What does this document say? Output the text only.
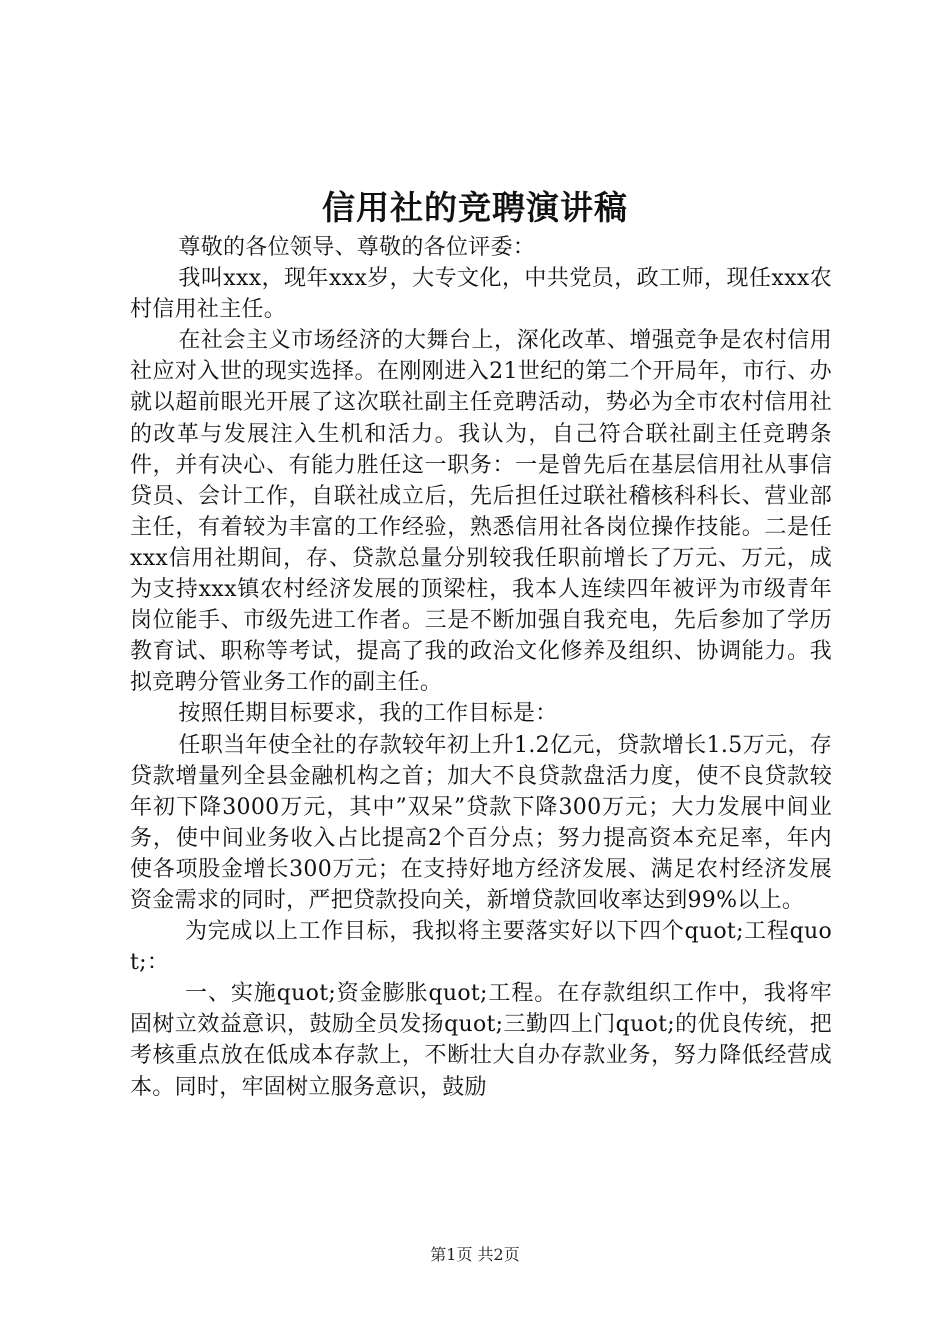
信用社的竞聘演讲稿

尊敬的各位领导、尊敬的各位评委：

我叫xxx，现年xxx岁，大专文化，中共党员，政工师，现任xxx农村信用社主任。

在社会主义市场经济的大舞台上，深化改革、增强竞争是农村信用社应对入世的现实选择。在刚刚进入21世纪的第二个开局年，市行、办就以超前眼光开展了这次联社副主任竞聘活动，势必为全市农村信用社的改革与发展注入生机和活力。我认为，自己符合联社副主任竞聘条件，并有决心、有能力胜任这一职务：一是曾先后在基层信用社从事信贷员、会计工作，自联社成立后，先后担任过联社稽核科科长、营业部主任，有着较为丰富的工作经验，熟悉信用社各岗位操作技能。二是任xxx信用社期间，存、贷款总量分别较我任职前增长了万元、万元，成为支持xxx镇农村经济发展的顶梁柱，我本人连续四年被评为市级青年岗位能手、市级先进工作者。三是不断加强自我充电，先后参加了学历教育试、职称等考试，提高了我的政治文化修养及组织、协调能力。我拟竞聘分管业务工作的副主任。

按照任期目标要求，我的工作目标是：

任职当年使全社的存款较年初上升1.2亿元，贷款增长1.5万元，存贷款增量列全县金融机构之首；加大不良贷款盘活力度，使不良贷款较年初下降3000万元，其中”双呆”贷款下降300万元；大力发展中间业务，使中间业务收入占比提高2个百分点；努力提高资本充足率，年内使各项股金增长300万元；在支持好地方经济发展、满足农村经济发展资金需求的同时，严把贷款投向关，新增贷款回收率达到99%以上。

为完成以上工作目标，我拟将主要落实好以下四个quot;工程quot;：

一、实施quot;资金膨胀quot;工程。在存款组织工作中，我将牢固树立效益意识，鼓励全员发扬quot;三勤四上门quot;的优良传统，把考核重点放在低成本存款上，不断壮大自办存款业务，努力降低经营成本。同时，牢固树立服务意识，鼓励

第1页 共2页
